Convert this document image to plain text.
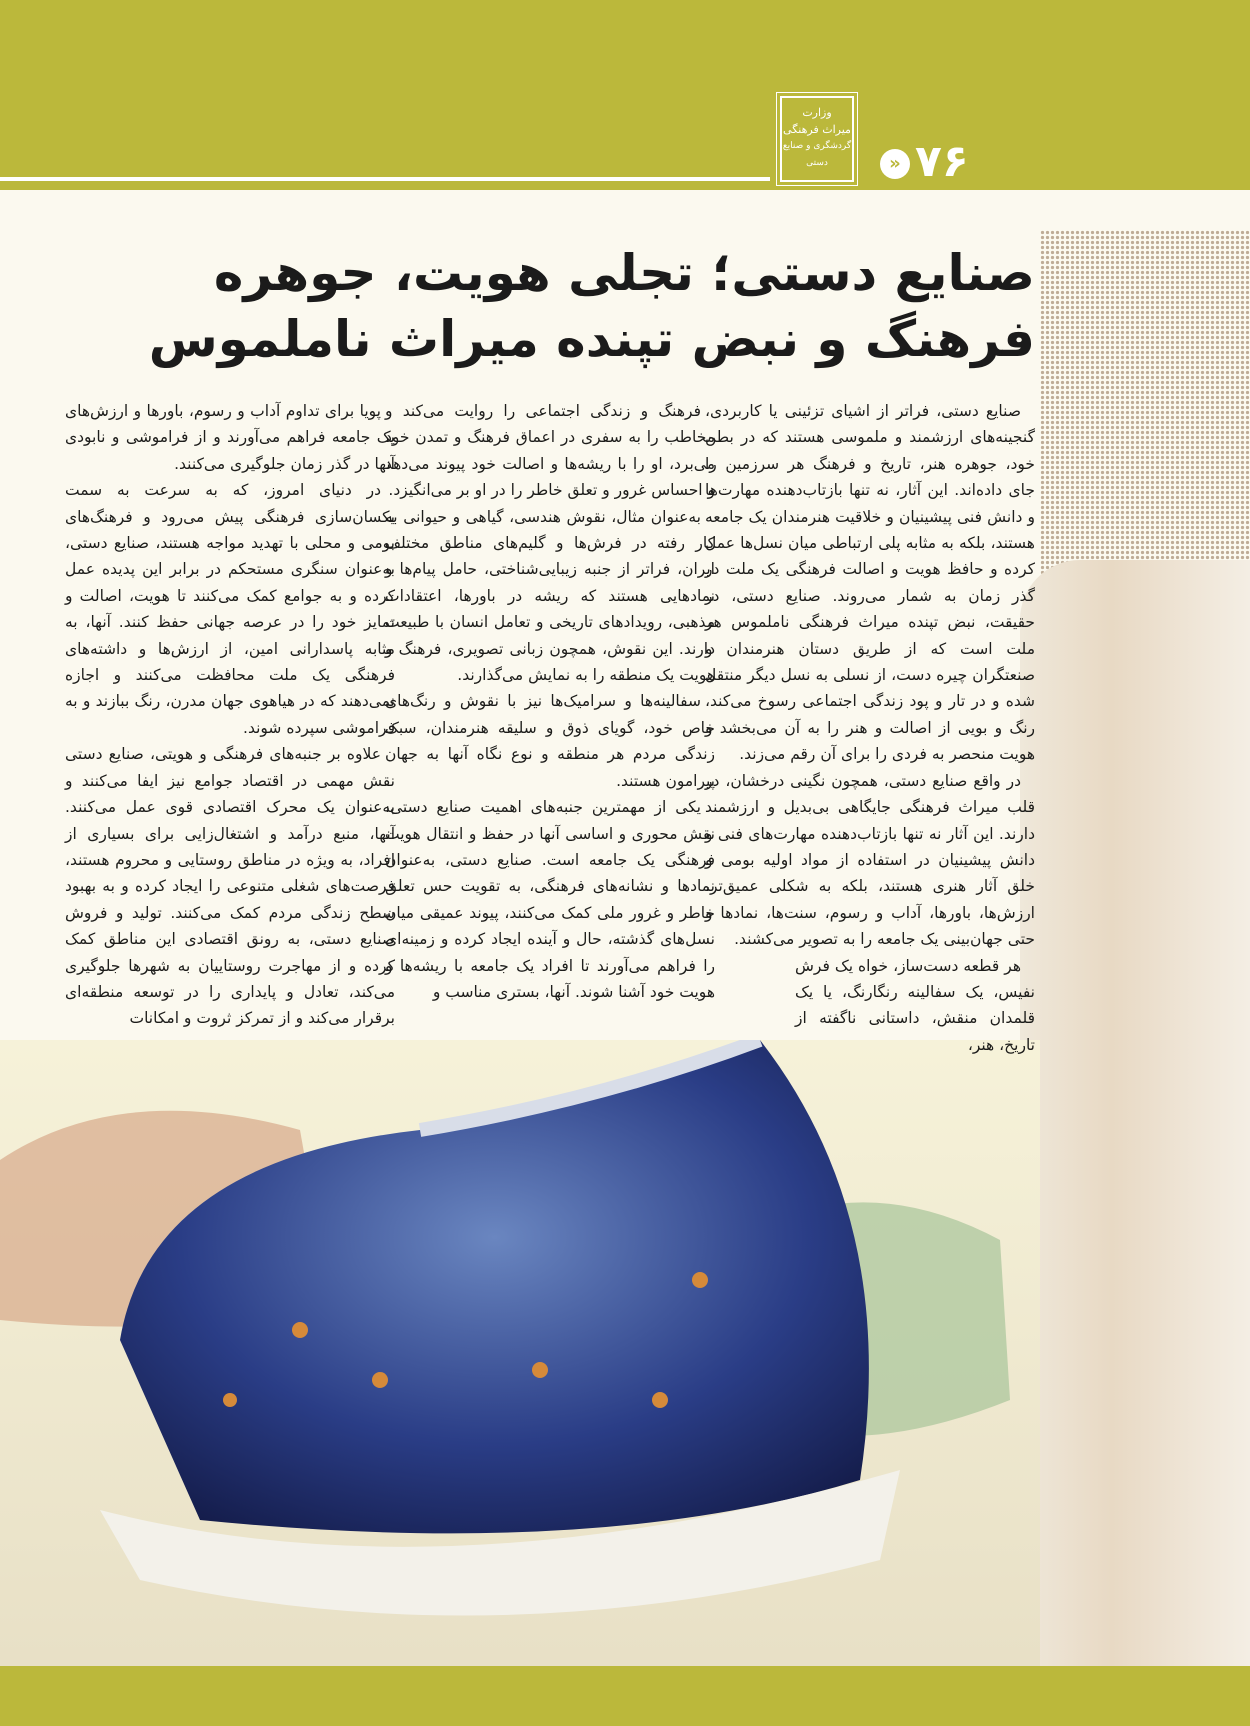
وزارت
میراث فرهنگی
گردشگری و صنایع دستی	» ۷۶
صنایع دستی؛ تجلی هویت، جوهره
فرهنگ و نبض تپنده میراث ناملموس

صنایع دستی، فراتر از اشیای تزئینی یا کاربردی، گنجینه‌های ارزشمند و ملموسی هستند که در بطن خود، جوهره هنر، تاریخ و فرهنگ هر سرزمین را جای داده‌اند. این آثار، نه تنها بازتاب‌دهنده مهارت‌ها و دانش فنی پیشینیان و خلاقیت هنرمندان یک جامعه هستند، بلکه به مثابه پلی ارتباطی میان نسل‌ها عمل کرده و حافظ هویت و اصالت فرهنگی یک ملت در گذر زمان به شمار می‌روند. صنایع دستی، در حقیقت، نبض تپنده میراث فرهنگی ناملموس هر ملت است که از طریق دستان هنرمندان و صنعتگران چیره دست، از نسلی به نسل دیگر منتقل شده و در تار و پود زندگی اجتماعی رسوخ می‌کند، رنگ و بویی از اصالت و هنر را به آن می‌بخشد و هویت منحصر به فردی را برای آن رقم می‌زند.

در واقع صنایع دستی، همچون نگینی درخشان، در قلب میراث فرهنگی جایگاهی بی‌بدیل و ارزشمند دارند. این آثار نه تنها بازتاب‌دهنده مهارت‌های فنی و دانش پیشینیان در استفاده از مواد اولیه بومی و خلق آثار هنری هستند، بلکه به شکلی عمیق‌تر، ارزش‌ها، باورها، آداب و رسوم، سنت‌ها، نمادها و حتی جهان‌بینی یک جامعه را به تصویر می‌کشند.

هر قطعه دست‌ساز، خواه یک فرش نفیس، یک سفالینه رنگارنگ، یا یک قلمدان منقش، داستانی ناگفته از تاریخ، هنر،

فرهنگ و زندگی اجتماعی را روایت می‌کند و مخاطب را به سفری در اعماق فرهنگ و تمدن خود می‌برد، او را با ریشه‌ها و اصالت خود پیوند می‌دهد و احساس غرور و تعلق خاطر را در او بر می‌انگیزد.

به‌عنوان مثال، نقوش هندسی، گیاهی و حیوانی به کار رفته در فرش‌ها و گلیم‌های مناطق مختلف ایران، فراتر از جنبه زیبایی‌شناختی، حامل پیام‌ها و نمادهایی هستند که ریشه در باورها، اعتقادات مذهبی، رویدادهای تاریخی و تعامل انسان با طبیعت دارند. این نقوش، همچون زبانی تصویری، فرهنگ و هویت یک منطقه را به نمایش می‌گذارند.

سفالینه‌ها و سرامیک‌ها نیز با نقوش و رنگ‌های خاص خود، گویای ذوق و سلیقه هنرمندان، سبک زندگی مردم هر منطقه و نوع نگاه آنها به جهان پیرامون هستند.

یکی از مهمترین جنبه‌های اهمیت صنایع دستی، نقش محوری و اساسی آنها در حفظ و انتقال هویت فرهنگی یک جامعه است. صنایع دستی، به‌عنوان نمادها و نشانه‌های فرهنگی، به تقویت حس تعلق خاطر و غرور ملی کمک می‌کنند، پیوند عمیقی میان نسل‌های گذشته، حال و آینده ایجاد کرده و زمینه‌ای را فراهم می‌آورند تا افراد یک جامعه با ریشه‌ها و هویت خود آشنا شوند. آنها، بستری مناسب و

پویا برای تداوم آداب و رسوم، باورها و ارزش‌های یک جامعه فراهم می‌آورند و از فراموشی و نابودی آنها در گذر زمان جلوگیری می‌کنند.

در دنیای امروز، که به سرعت به سمت یکسان‌سازی فرهنگی پیش می‌رود و فرهنگ‌های بومی و محلی با تهدید مواجه هستند، صنایع دستی، به‌عنوان سنگری مستحکم در برابر این پدیده عمل کرده و به جوامع کمک می‌کنند تا هویت، اصالت و تمایز خود را در عرصه جهانی حفظ کنند. آنها، به مثابه پاسدارانی امین، از ارزش‌ها و داشته‌های فرهنگی یک ملت محافظت می‌کنند و اجازه نمی‌دهند که در هیاهوی جهان مدرن، رنگ ببازند و به فراموشی سپرده شوند.

علاوه بر جنبه‌های فرهنگی و هویتی، صنایع دستی نقش مهمی در اقتصاد جوامع نیز ایفا می‌کنند و به‌عنوان یک محرک اقتصادی قوی عمل می‌کنند. آنها، منبع درآمد و اشتغال‌زایی برای بسیاری از افراد، به ویژه در مناطق روستایی و محروم هستند، فرصت‌های شغلی متنوعی را ایجاد کرده و به بهبود سطح زندگی مردم کمک می‌کنند. تولید و فروش صنایع دستی، به رونق اقتصادی این مناطق کمک کرده و از مهاجرت روستاییان به شهرها جلوگیری می‌کند، تعادل و پایداری را در توسعه منطقه‌ای برقرار می‌کند و از تمرکز ثروت و امکانات
